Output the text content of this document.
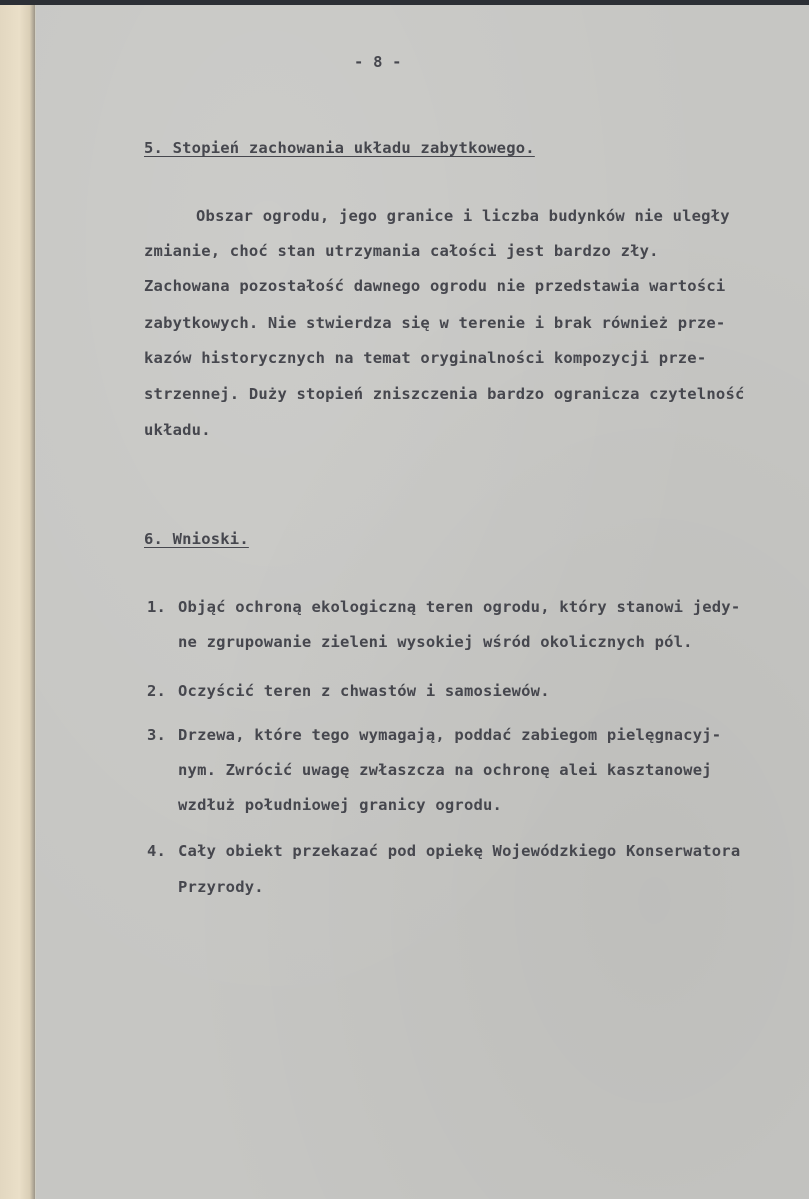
- 8 -
5. Stopień zachowania układu zabytkowego.
Obszar ogrodu, jego granice i liczba budynków nie uległy
zmianie, choć stan utrzymania całości jest bardzo zły.
Zachowana pozostałość dawnego ogrodu nie przedstawia wartości
zabytkowych. Nie stwierdza się w terenie i brak również prze-
kazów historycznych na temat oryginalności kompozycji prze-
strzennej. Duży stopień zniszczenia bardzo ogranicza czytelność
układu.
6. Wnioski.
1. Objąć ochroną ekologiczną teren ogrodu, który stanowi jedy-
ne zgrupowanie zieleni wysokiej wśród okolicznych pól.
2. Oczyścić teren z chwastów i samosiewów.
3. Drzewa, które tego wymagają, poddać zabiegom pielęgnacyj-
nym. Zwrócić uwagę zwłaszcza na ochronę alei kasztanowej
wzdłuż południowej granicy ogrodu.
4. Cały obiekt przekazać pod opiekę Wojewódzkiego Konserwatora
Przyrody.
